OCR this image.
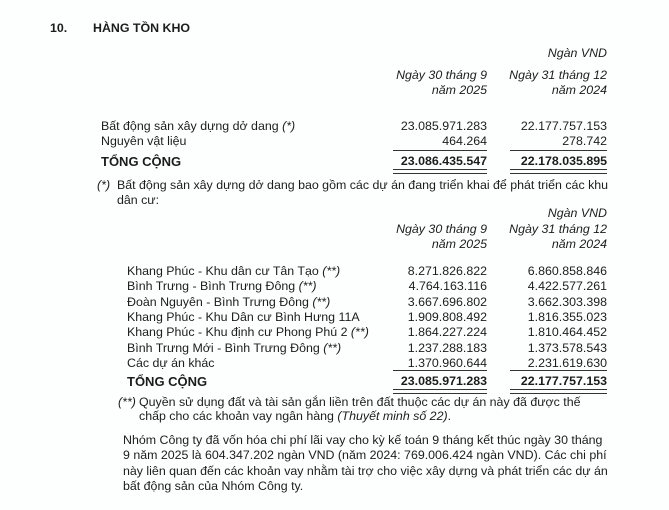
10. HÀNG TỒN KHO
Ngàn VND
Ngày 30 tháng 9
năm 2025
Ngày 31 tháng 12
năm 2024
Bất động sản xây dựng dở dang (*)	23.085.971.283	22.177.757.153
Nguyên vật liệu	464.264	278.742
TỔNG CỘNG	23.086.435.547	22.178.035.895
(*) Bất động sản xây dựng dở dang bao gồm các dự án đang triển khai để phát triển các khu
dân cư:
Ngàn VND
Ngày 30 tháng 9
năm 2025
Ngày 31 tháng 12
năm 2024
Khang Phúc - Khu dân cư Tân Tạo (**)	8.271.826.822	6.860.858.846
Bình Trưng - Bình Trưng Đông (**)	4.764.163.116	4.422.577.261
Đoàn Nguyên - Bình Trưng Đông (**)	3.667.696.802	3.662.303.398
Khang Phúc - Khu Dân cư Bình Hưng 11A	1.909.808.492	1.816.355.023
Khang Phúc - Khu định cư Phong Phú 2 (**)	1.864.227.224	1.810.464.452
Bình Trưng Mới - Bình Trưng Đông (**)	1.237.288.183	1.373.578.543
Các dự án khác	1.370.960.644	2.231.619.630
TỔNG CỘNG	23.085.971.283	22.177.757.153
(**) Quyền sử dụng đất và tài sản gắn liền trên đất thuộc các dự án này đã được thế
chấp cho các khoản vay ngân hàng (Thuyết minh số 22).
Nhóm Công ty đã vốn hóa chi phí lãi vay cho kỳ kế toán 9 tháng kết thúc ngày 30 tháng
9 năm 2025 là 604.347.202 ngàn VND (năm 2024: 769.006.424 ngàn VND). Các chi phí
này liên quan đến các khoản vay nhằm tài trợ cho việc xây dựng và phát triển các dự án
bất động sản của Nhóm Công ty.
